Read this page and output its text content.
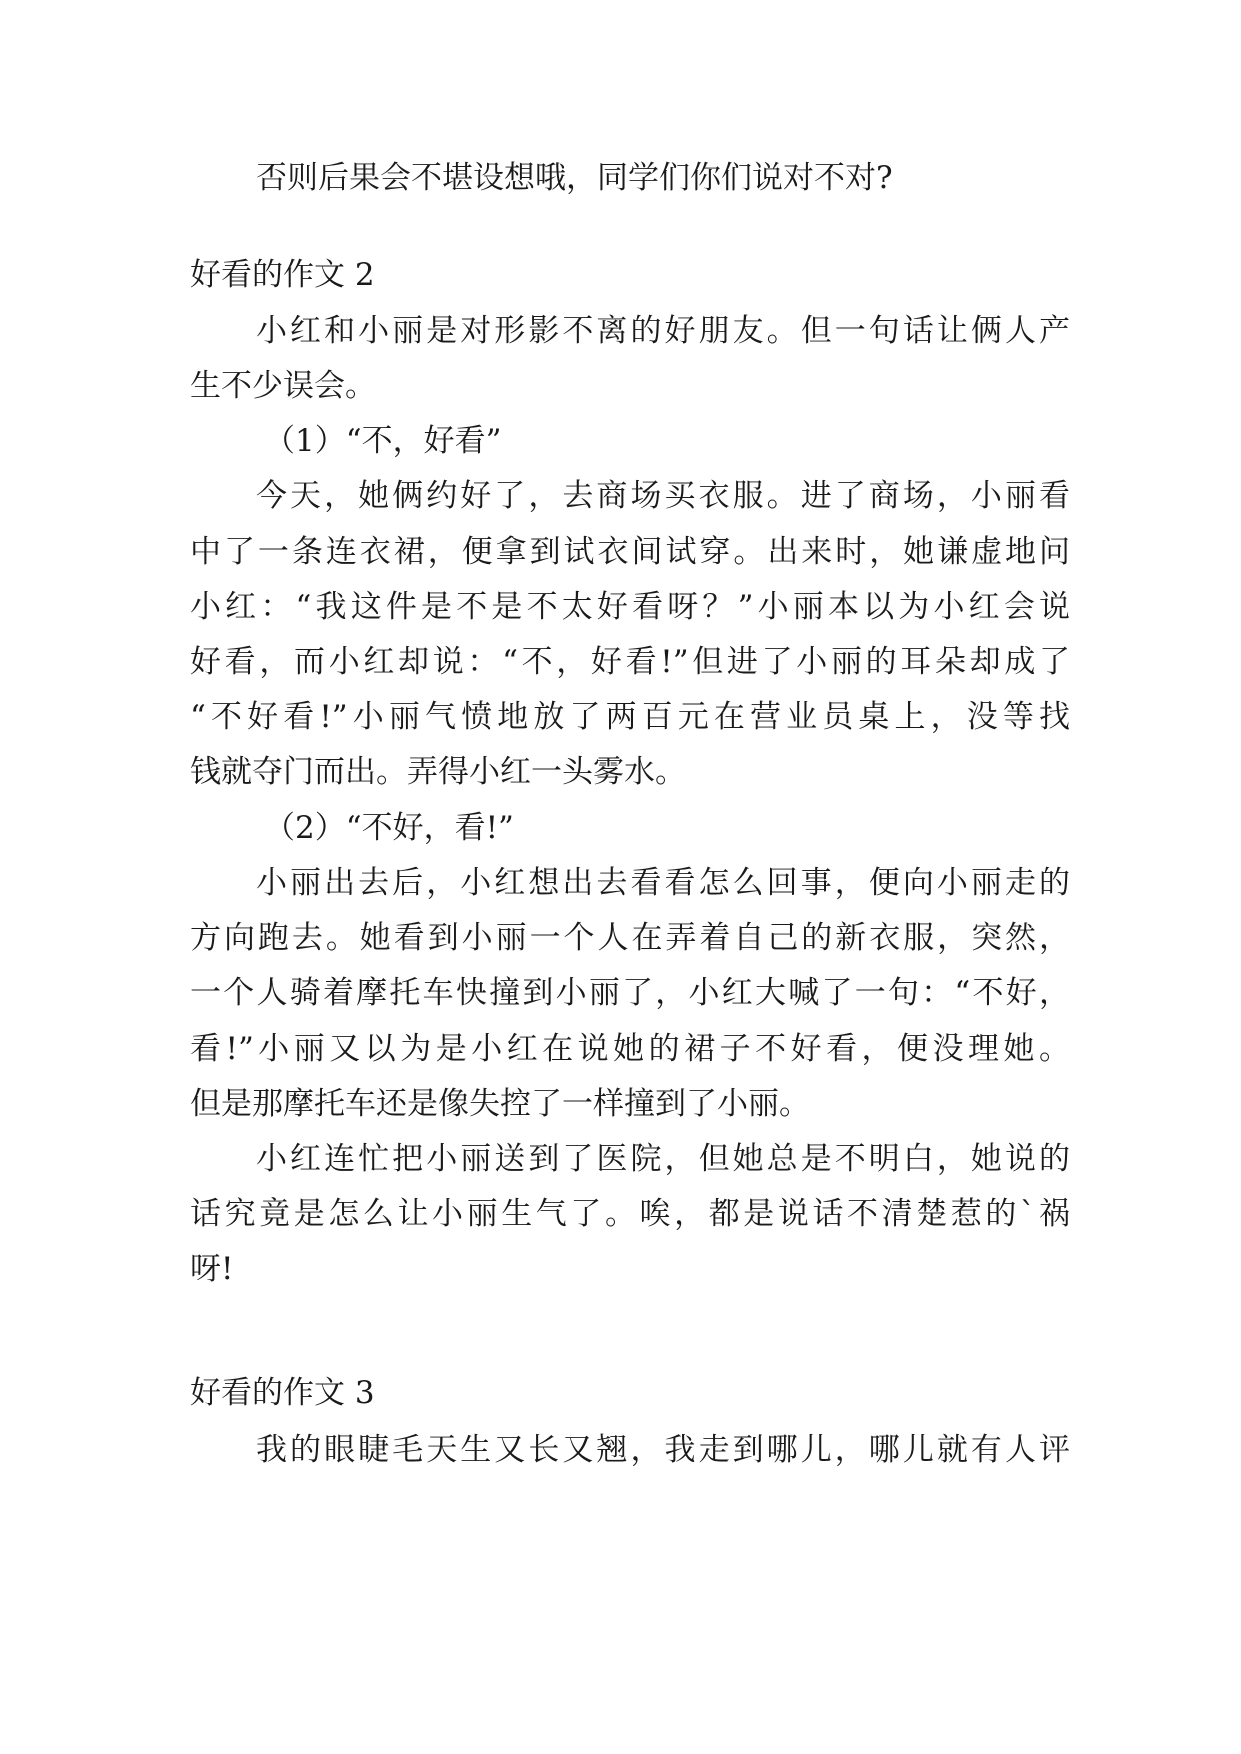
否则后果会不堪设想哦，同学们你们说对不对?
好看的作文 2
小红和小丽是对形影不离的好朋友。但一句话让俩人产
生不少误会。
（1）“不，好看”
今天，她俩约好了，去商场买衣服。进了商场，小丽看
中了一条连衣裙，便拿到试衣间试穿。出来时，她谦虚地问
小红：“我这件是不是不太好看呀？”小丽本以为小红会说
好看，而小红却说：“不，好看!”但进了小丽的耳朵却成了
“不好看!”小丽气愤地放了两百元在营业员桌上，没等找
钱就夺门而出。弄得小红一头雾水。
（2）“不好，看!”
小丽出去后，小红想出去看看怎么回事，便向小丽走的
方向跑去。她看到小丽一个人在弄着自己的新衣服，突然，
一个人骑着摩托车快撞到小丽了，小红大喊了一句：“不好，
看!”小丽又以为是小红在说她的裙子不好看，便没理她。
但是那摩托车还是像失控了一样撞到了小丽。
小红连忙把小丽送到了医院，但她总是不明白，她说的
话究竟是怎么让小丽生气了。唉，都是说话不清楚惹的`祸
呀!
好看的作文 3
我的眼睫毛天生又长又翘，我走到哪儿，哪儿就有人评
